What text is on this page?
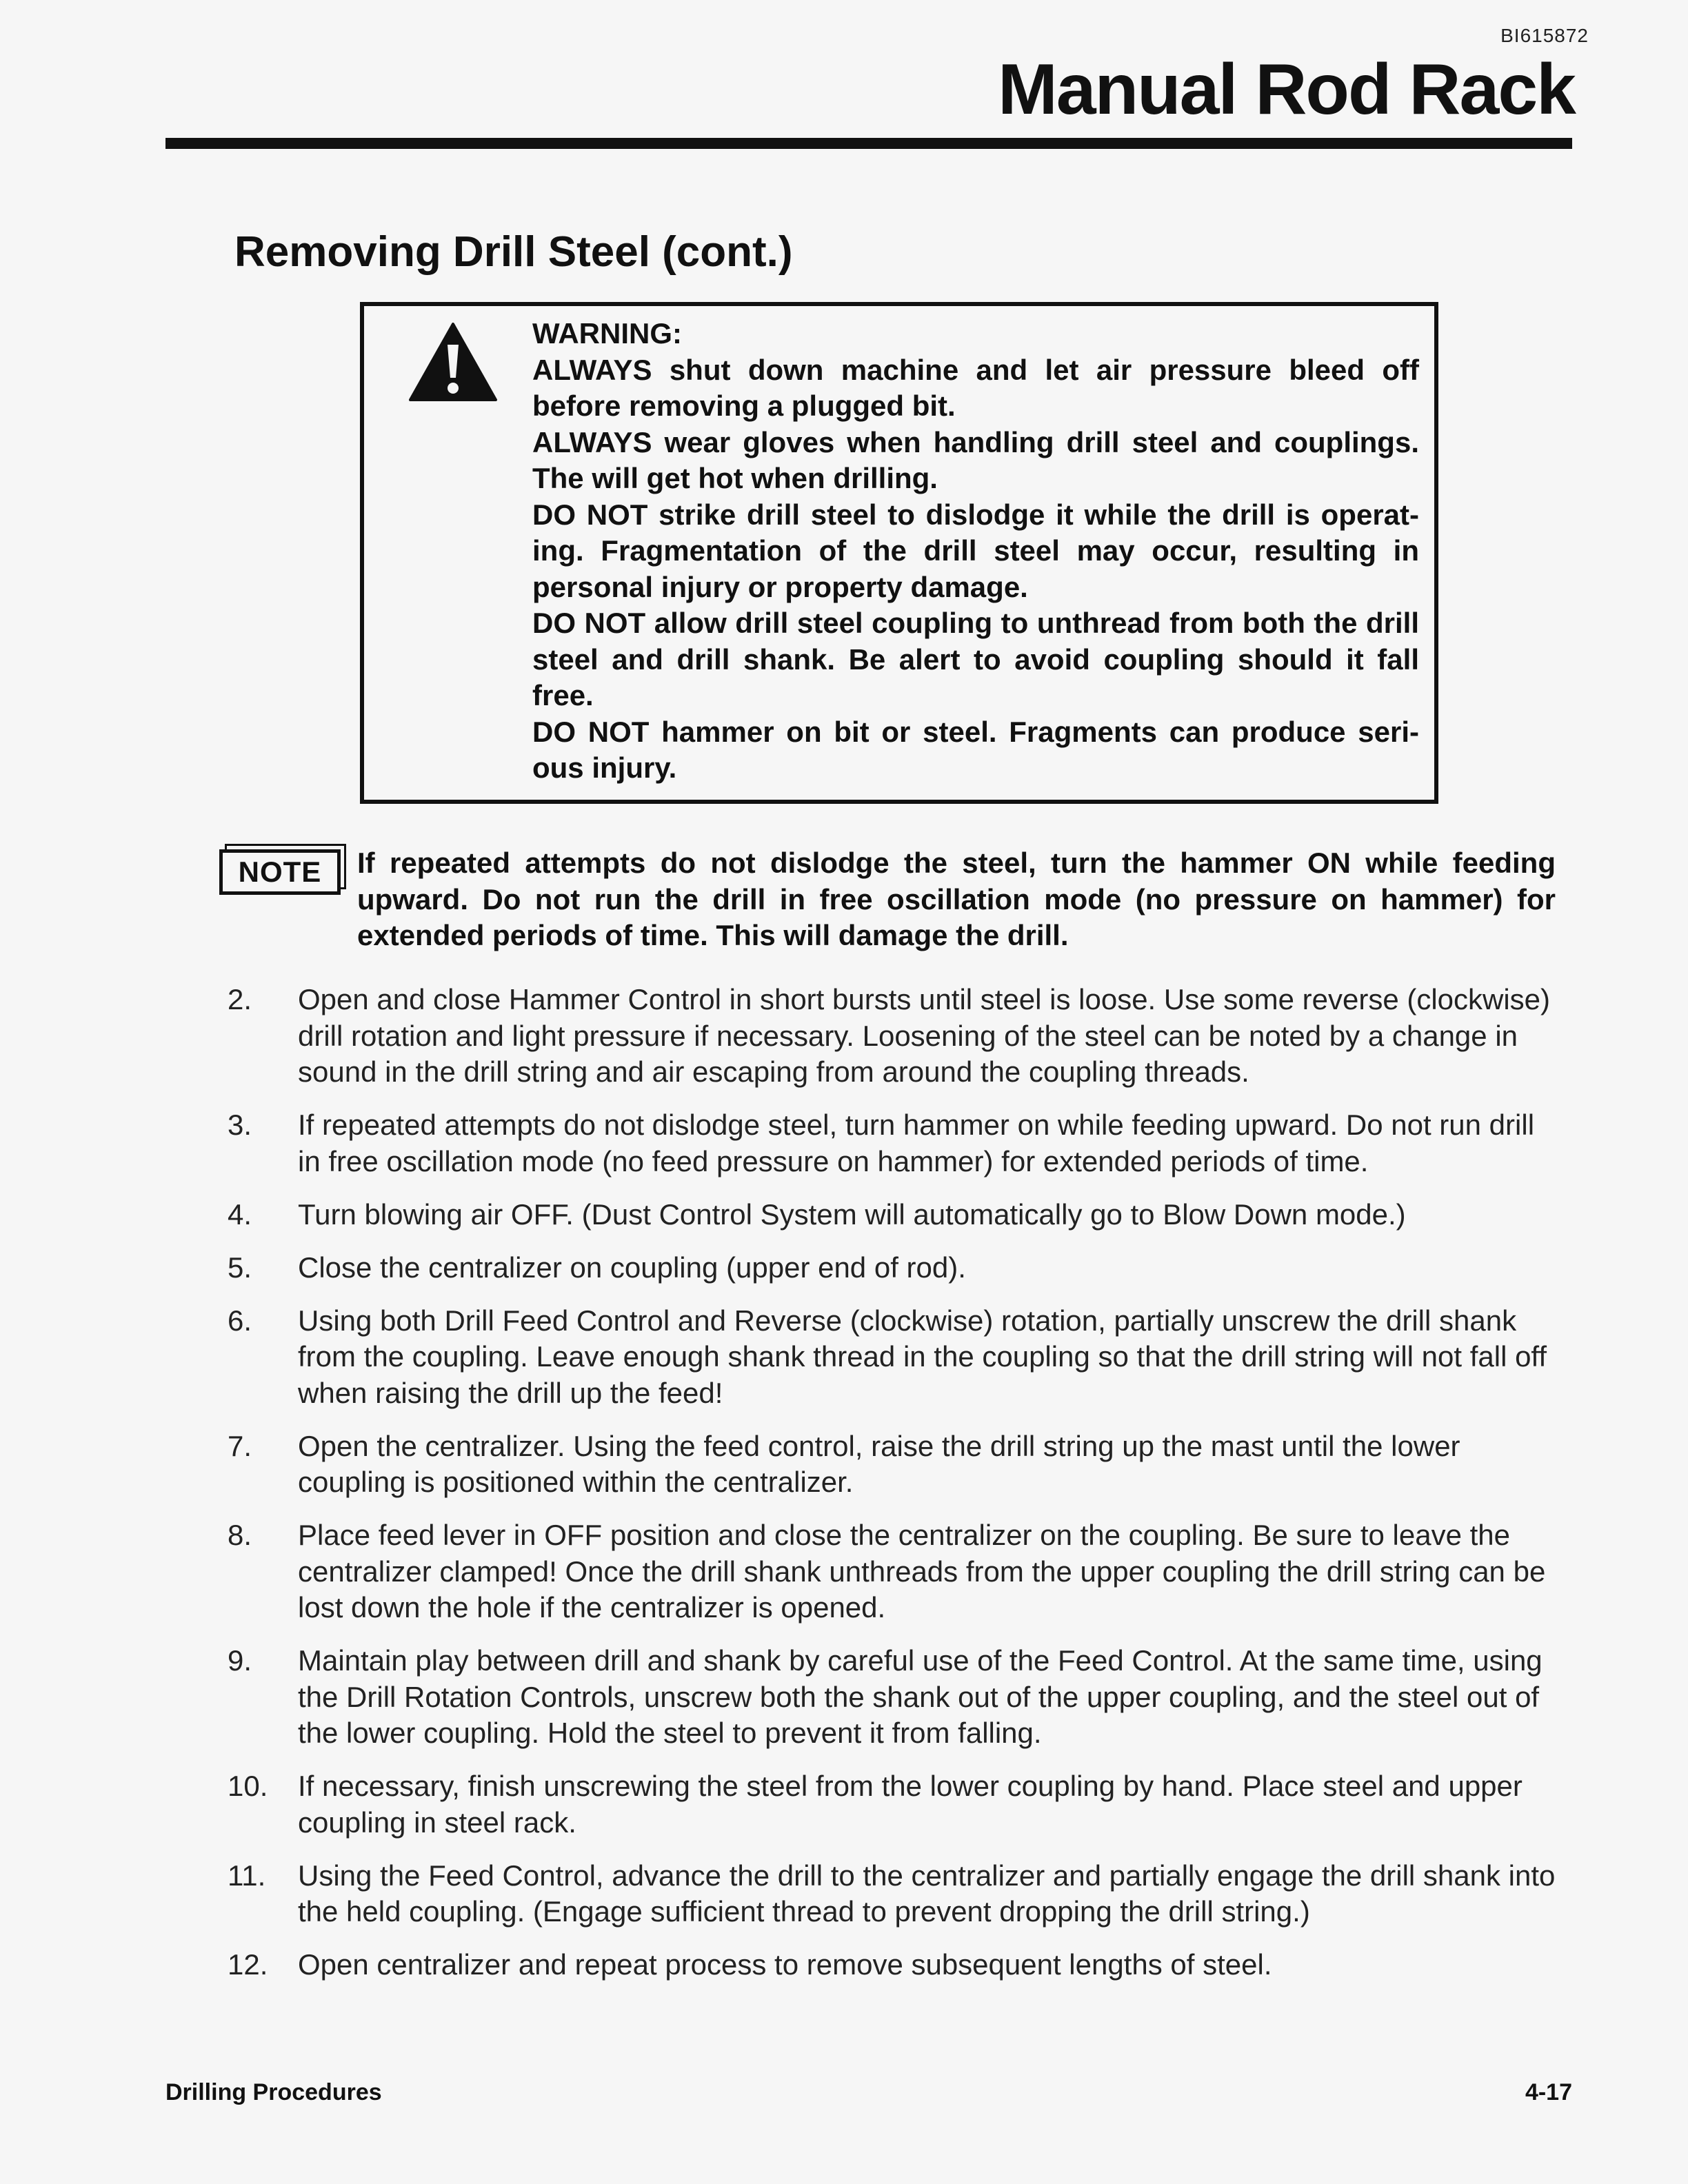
BI615872
Manual Rod Rack
Removing Drill Steel (cont.)
WARNING:

ALWAYS shut down machine and let air pressure bleed off before removing a plugged bit.

ALWAYS wear gloves when handling drill steel and couplings. The will get hot when drilling.

DO NOT strike drill steel to dislodge it while the drill is operat-ing. Fragmentation of the drill steel may occur, resulting in personal injury or property damage.

DO NOT allow drill steel coupling to unthread from both the drill steel and drill shank. Be alert to avoid coupling should it fall free.

DO NOT hammer on bit or steel. Fragments can produce seri-ous injury.

NOTE	If repeated attempts do not dislodge the steel, turn the hammer ON while feeding upward. Do not run the drill in free oscillation mode (no pressure on hammer) for extended periods of time. This will damage the drill.

2.	Open and close Hammer Control in short bursts until steel is loose. Use some reverse (clockwise) drill rotation and light pressure if necessary. Loosening of the steel can be noted by a change in sound in the drill string and air escaping from around the coupling threads.
3.	If repeated attempts do not dislodge steel, turn hammer on while feeding upward. Do not run drill in free oscillation mode (no feed pressure on hammer) for extended periods of time.
4.	Turn blowing air OFF. (Dust Control System will automatically go to Blow Down mode.)
5.	Close the centralizer on coupling (upper end of rod).
6.	Using both Drill Feed Control and Reverse (clockwise) rotation, partially unscrew the drill shank from the coupling. Leave enough shank thread in the coupling so that the drill string will not fall off when raising the drill up the feed!
7.	Open the centralizer. Using the feed control, raise the drill string up the mast until the lower coupling is positioned within the centralizer.
8.	Place feed lever in OFF position and close the centralizer on the coupling. Be sure to leave the centralizer clamped! Once the drill shank unthreads from the upper coupling the drill string can be lost down the hole if the centralizer is opened.
9.	Maintain play between drill and shank by careful use of the Feed Control. At the same time, using the Drill Rotation Controls, unscrew both the shank out of the upper coupling, and the steel out of the lower coupling. Hold the steel to prevent it from falling.
10.	If necessary, finish unscrewing the steel from the lower coupling by hand. Place steel and upper coupling in steel rack.
11.	Using the Feed Control, advance the drill to the centralizer and partially engage the drill shank into the held coupling. (Engage sufficient thread to prevent dropping the drill string.)
12.	Open centralizer and repeat process to remove subsequent lengths of steel.
Drilling Procedures	4-17
